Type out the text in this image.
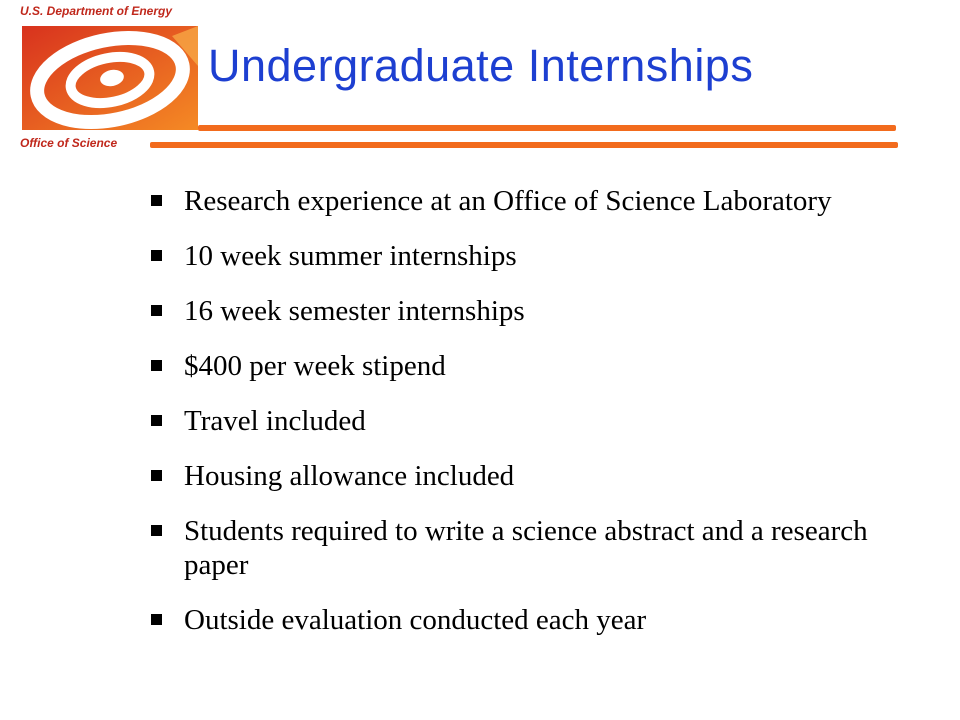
U.S. Department of Energy
Office of Science
Undergraduate Internships
Research experience at an Office of Science Laboratory
10 week summer internships
16 week semester internships
$400 per week stipend
Travel included
Housing allowance included
Students required to write a science abstract and a research paper
Outside evaluation conducted each year
